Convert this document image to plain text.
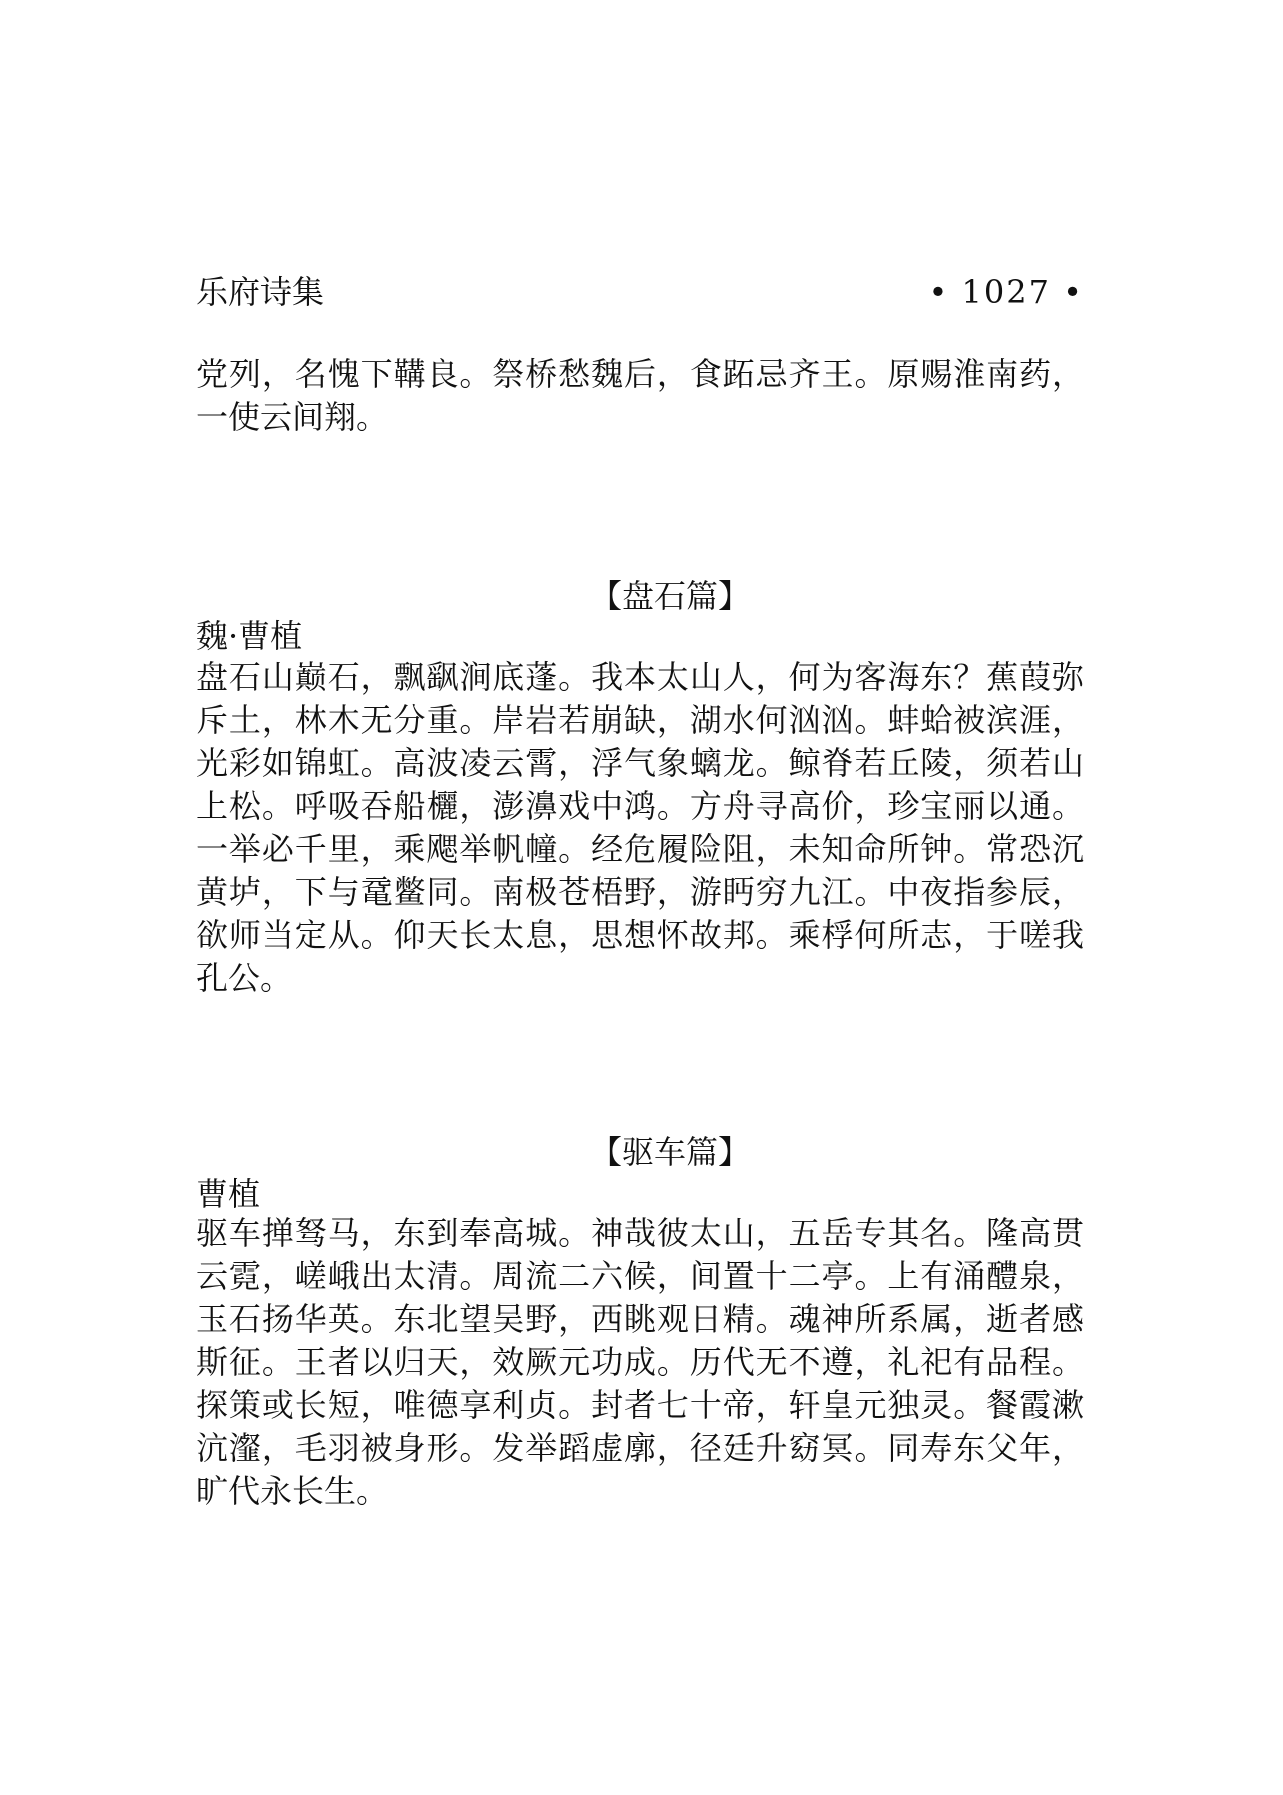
乐府诗集	• 1027 •

党列，名愧下鞲良。祭桥愁魏后，食跖忌齐王。原赐淮南药，一使云间翔。

【盘石篇】
魏·曹植

盘石山巅石，飘飖涧底蓬。我本太山人，何为客海东？蕉葭弥斥土，林木无分重。岸岩若崩缺，湖水何汹汹。蚌蛤被滨涯，光彩如锦虹。高波凌云霄，浮气象螭龙。鲸脊若丘陵，须若山上松。呼吸吞船欐，澎濞戏中鸿。方舟寻高价，珍宝丽以通。一举必千里，乘飔举帆幢。经危履险阻，未知命所钟。常恐沉黄垆，下与鼋鳖同。南极苍梧野，游眄穷九江。中夜指参辰，欲师当定从。仰天长太息，思想怀故邦。乘桴何所志，于嗟我孔公。

【驱车篇】
曹植

驱车掸驽马，东到奉高城。神哉彼太山，五岳专其名。隆高贯云霓，嵯峨出太清。周流二六候，间置十二亭。上有涌醴泉，玉石扬华英。东北望吴野，西眺观日精。魂神所系属，逝者感斯征。王者以归天，效厥元功成。历代无不遵，礼祀有品程。探策或长短，唯德享利贞。封者七十帝，轩皇元独灵。餐霞漱沆瀣，毛羽被身形。发举蹈虚廓，径廷升窈冥。同寿东父年，旷代永长生。
